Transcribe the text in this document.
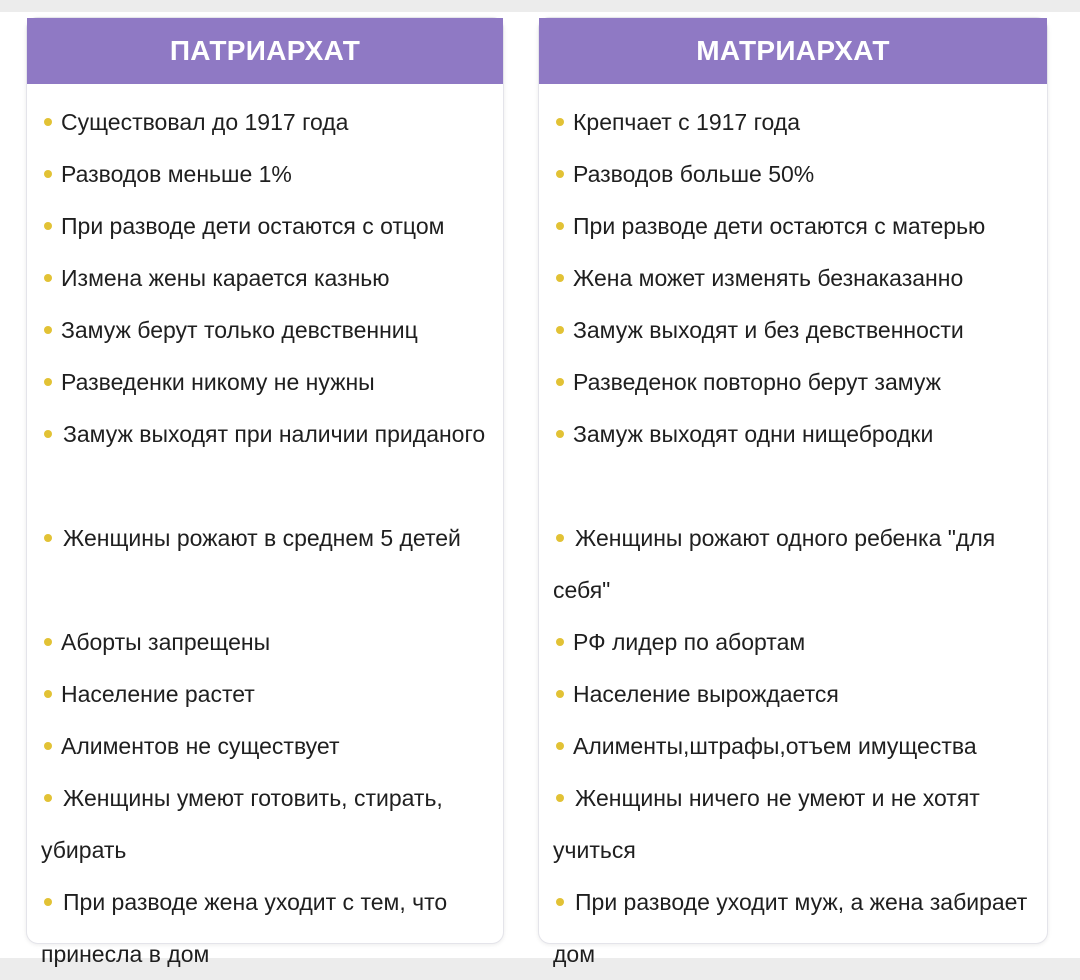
ПАТРИАРХАТ
Существовал до 1917 года
Разводов меньше 1%
При разводе дети остаются с отцом
Измена жены карается казнью
Замуж берут только девственниц
Разведенки никому не нужны
Замуж выходят при наличии приданого
Женщины рожают в среднем 5 детей
Аборты запрещены
Население растет
Алиментов не существует
Женщины умеют готовить, стирать, убирать
При разводе жена уходит с тем, что принесла в дом
МАТРИАРХАТ
Крепчает с 1917 года
Разводов больше 50%
При разводе дети остаются с матерью
Жена может изменять безнаказанно
Замуж выходят и без девственности
Разведенок повторно берут замуж
Замуж выходят одни нищебродки
Женщины рожают одного ребенка "для себя"
РФ лидер по абортам
Население вырождается
Алименты,штрафы,отъем имущества
Женщины ничего не умеют и не хотят учиться
При разводе уходит муж, а жена забирает дом
